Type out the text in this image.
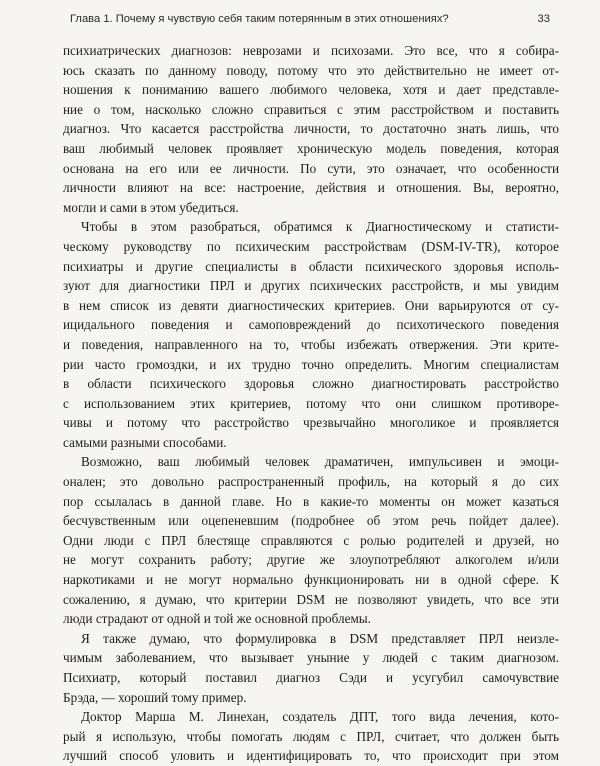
Глава 1. Почему я чувствую себя таким потерянным в этих отношениях?	33
психиатрических диагнозов: неврозами и психозами. Это все, что я собира-
юсь сказать по данному поводу, потому что это действительно не имеет от-
ношения к пониманию вашего любимого человека, хотя и дает представле-
ние о том, насколько сложно справиться с этим расстройством и поставить
диагноз. Что касается расстройства личности, то достаточно знать лишь, что
ваш любимый человек проявляет хроническую модель поведения, которая
основана на его или ее личности. По сути, это означает, что особенности
личности влияют на все: настроение, действия и отношения. Вы, вероятно,
могли и сами в этом убедиться.
Чтобы в этом разобраться, обратимся к Диагностическому и статисти-
ческому руководству по психическим расстройствам (DSM-IV-TR), которое
психиатры и другие специалисты в области психического здоровья исполь-
зуют для диагностики ПРЛ и других психических расстройств, и мы увидим
в нем список из девяти диагностических критериев. Они варьируются от су-
ицидального поведения и самоповреждений до психотического поведения
и поведения, направленного на то, чтобы избежать отвержения. Эти крите-
рии часто громоздки, и их трудно точно определить. Многим специалистам
в области психического здоровья сложно диагностировать расстройство
с использованием этих критериев, потому что они слишком противоре-
чивы и потому что расстройство чрезвычайно многоликое и проявляется
самыми разными способами.
Возможно, ваш любимый человек драматичен, импульсивен и эмоци-
онален; это довольно распространенный профиль, на который я до сих
пор ссылалась в данной главе. Но в какие-то моменты он может казаться
бесчувственным или оцепеневшим (подробнее об этом речь пойдет далее).
Одни люди с ПРЛ блестяще справляются с ролью родителей и друзей, но
не могут сохранить работу; другие же злоупотребляют алкоголем и/или
наркотиками и не могут нормально функционировать ни в одной сфере. К
сожалению, я думаю, что критерии DSM не позволяют увидеть, что все эти
люди страдают от одной и той же основной проблемы.
Я также думаю, что формулировка в DSM представляет ПРЛ неизле-
чимым заболеванием, что вызывает уныние у людей с таким диагнозом.
Психиатр, который поставил диагноз Сэди и усугубил самочувствие
Брэда, — хороший тому пример.
Доктор Марша М. Линехан, создатель ДПТ, того вида лечения, кото-
рый я использую, чтобы помогать людям с ПРЛ, считает, что должен быть
лучший способ уловить и идентифицировать то, что происходит при этом
